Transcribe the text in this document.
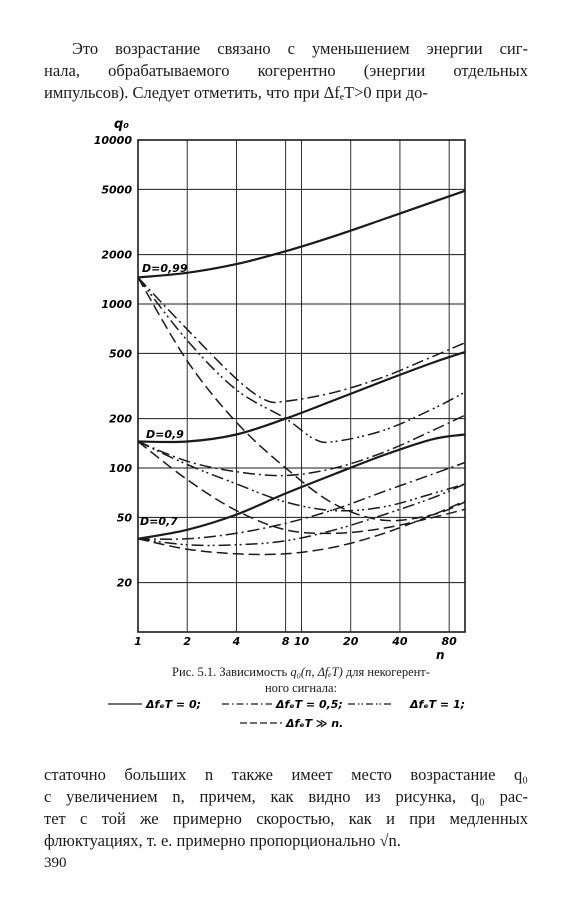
Это возрастание связано с уменьшением энергии сиг-
нала, обрабатываемого когерентно (энергии отдельных
импульсов). Следует отметить, что при ΔfₑT>0 при до-
1	2	4	8 10	20	40	80
10000
5000
2000
1000
500
200
100
50
20
n
q₀
D=0,99
D=0,9
D=0,7
Рис. 5.1. Зависимость q₀(n, ΔfₑT) для некогерент-
ного сигнала:
ΔfₑT = 0;	ΔfₑT = 0,5;	ΔfₑT = 1;
ΔfₑT ≫ n.
статочно больших n также имеет место возрастание q₀
с увеличением n, причем, как видно из рисунка, q₀ рас-
тет с той же примерно скоростью, как и при медленных
флюктуациях, т. е. примерно пропорционально √n.
390
